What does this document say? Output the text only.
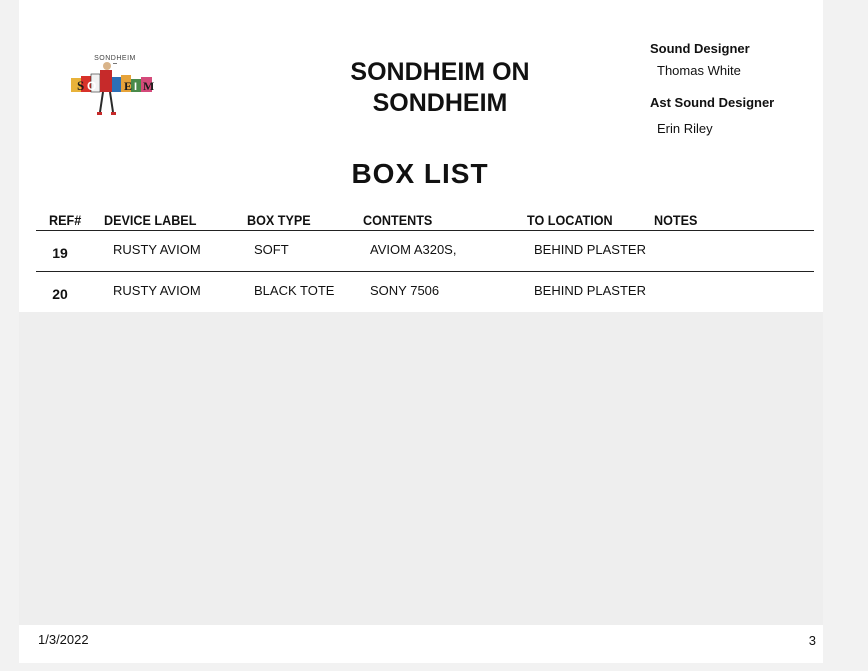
SONDHEIM
S O E I M	SONDHEIM ON
SONDHEIM
Sound Designer
Thomas White
Ast Sound Designer
Erin Riley
BOX LIST
REF# DEVICE LABEL	BOX TYPE	CONTENTS	TO LOCATION	NOTES
19	RUSTY AVIOM	SOFT	AVIOM A320S,	BEHIND PLASTER
20	RUSTY AVIOM	BLACK TOTE	SONY 7506	BEHIND PLASTER
1/3/2022	3
